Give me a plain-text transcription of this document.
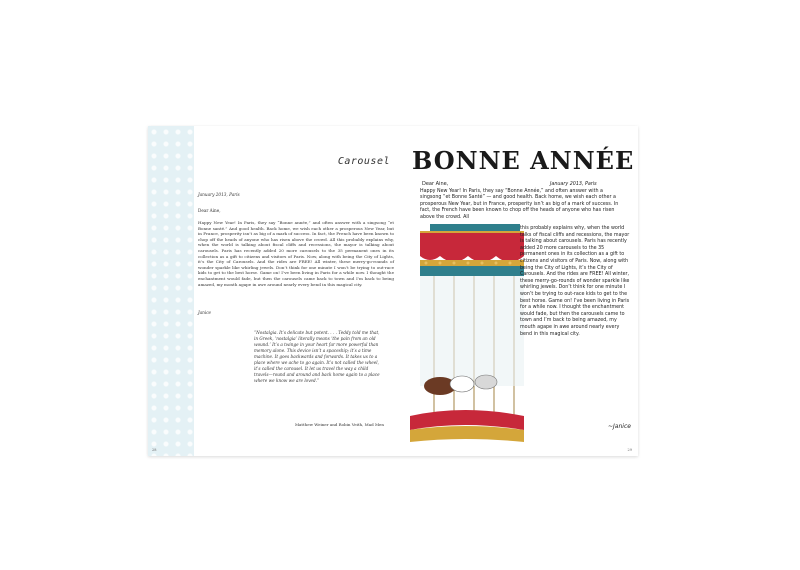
Carousel
January 2013, Paris
Dear Aine,
Happy New Year! In Paris, they say “Bonne année,” and often answer with a singsong “et Bonne santé.” And good health. Back home, we wish each other a prosperous New Year, but in France, prosperity isn’t as big of a mark of success. In fact, the French have been known to chop off the heads of anyone who has risen above the crowd. All this probably explains why, when the world is talking about fiscal cliffs and recessions, the mayor is talking about carousels. Paris has recently added 20 more carousels to the 35 permanent ones in its collection as a gift to citizens and visitors of Paris. Now, along with being the City of Lights, it’s the City of Carousels. And the rides are FREE! All winter, these merry-go-rounds of wonder sparkle like whirling jewels. Don’t think for one minute I won’t be trying to out-race kids to get to the best horse. Game on! I’ve been living in Paris for a while now. I thought the enchantment would fade, but then the carousels came back to town and I’m back to being amazed, my month agape in awe around nearly every bend in this magical city.
Janice
“Nostalgia. It’s delicate but potent. . . . Teddy told me that, in Greek, ‘nostalgia’ literally means ‘the pain from an old wound.’ It’s a twinge in your heart far more powerful than memory alone. This device isn’t a spaceship; it’s a time machine. It goes backwards and forwards. It takes us to a place where we ache to go again. It’s not called the wheel, it’s called the carousel. It let us travel the way a child travels—round and around and back home again to a place where we know we are loved.”
Matthew Weiner and Robin Veith, Mad Men
28
BONNE ANNÉE
Dear Aine,	January 2013, Paris
Happy New Year! In Paris, they say “Bonne Année,” and often answer with a singsong “et Bonne Santé” — and good health. Back home, we wish each other a prosperous New Year, but in France, prosperity isn’t as big of a mark of success. In fact, the French have been known to chop off the heads of anyone who has risen above the crowd. All
this probably explains why, when the world talks of fiscal cliffs and recessions, the mayor is talking about carousels. Paris has recently added 20 more carousels to the 35 permanent ones in its collection as a gift to citizens and visitors of Paris. Now, along with being the City of Lights, it’s the City of Carousels. And the rides are FREE! All winter, these merry-go-rounds of wonder sparkle like whirling jewels. Don’t think for one minute I won’t be trying to out-race kids to get to the best horse. Game on! I’ve been living in Paris for a while now. I thought the enchantment would fade, but then the carousels came to town and I’m back to being amazed, my mouth agape in awe around nearly every bend in this magical city.
~Janice
29
